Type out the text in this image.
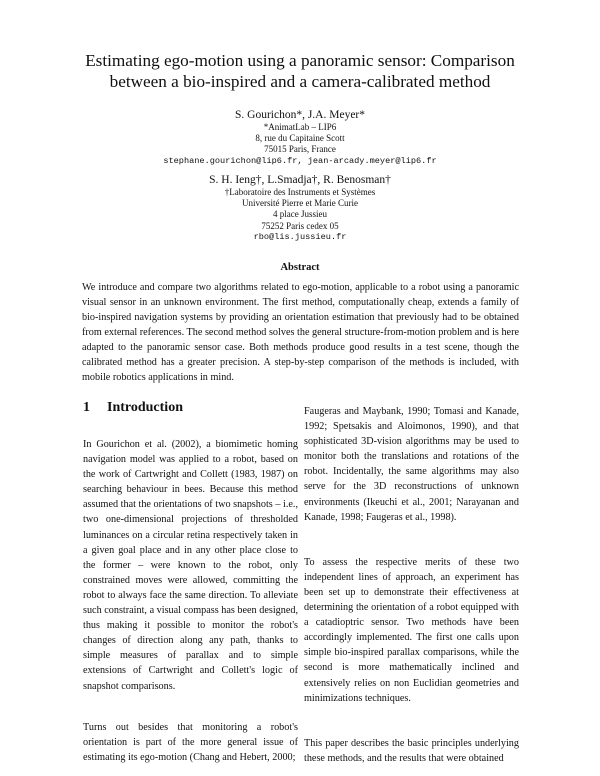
Estimating ego-motion using a panoramic sensor: Comparison between a bio-inspired and a camera-calibrated method
S. Gourichon*, J.A. Meyer*
*AnimatLab – LIP6
8, rue du Capitaine Scott
75015 Paris, France
stephane.gourichon@lip6.fr, jean-arcady.meyer@lip6.fr
S. H. Ieng†, L.Smadja†, R. Benosman†
†Laboratoire des Instruments et Systèmes
Université Pierre et Marie Curie
4 place Jussieu
75252 Paris cedex 05
rbo@lis.jussieu.fr
Abstract
We introduce and compare two algorithms related to ego-motion, applicable to a robot using a panoramic visual sensor in an unknown environment. The first method, computationally cheap, extends a family of bio-inspired navigation systems by providing an orientation estimation that previously had to be obtained from external references. The second method solves the general structure-from-motion problem and is here adapted to the panoramic sensor case. Both methods produce good results in a test scene, though the calibrated method has a greater precision. A step-by-step comparison of the methods is included, with mobile robotics applications in mind.
1 Introduction

In Gourichon et al. (2002), a biomimetic homing navigation model was applied to a robot, based on the work of Cartwright and Collett (1983, 1987) on searching behaviour in bees. Because this method assumed that the orientations of two snapshots – i.e., two one-dimensional projections of thresholded luminances on a circular retina respectively taken in a given goal place and in any other place close to the former – were known to the robot, only constrained moves were allowed, committing the robot to always face the same direction. To alleviate such constraint, a visual compass has been designed, thus making it possible to monitor the robot's changes of direction along any path, thanks to simple measures of parallax and to simple extensions of Cartwright and Collett's logic of snapshot comparisons.

Turns out besides that monitoring a robot's orientation is part of the more general issue of estimating its ego-motion (Chang and Hebert, 2000;

Faugeras and Maybank, 1990; Tomasi and Kanade, 1992; Spetsakis and Aloimonos, 1990), and that sophisticated 3D-vision algorithms may be used to monitor both the translations and rotations of the robot. Incidentally, the same algorithms may also serve for the 3D reconstructions of unknown environments (Ikeuchi et al., 2001; Narayanan and Kanade, 1998; Faugeras et al., 1998).

To assess the respective merits of these two independent lines of approach, an experiment has been set up to demonstrate their effectiveness at determining the orientation of a robot equipped with a catadioptric sensor. Two methods have been accordingly implemented. The first one calls upon simple bio-inspired parallax comparisons, while the second is more mathematically inclined and extensively relies on non Euclidian geometries and minimizations techniques.

This paper describes the basic principles underlying these methods, and the results that were obtained
